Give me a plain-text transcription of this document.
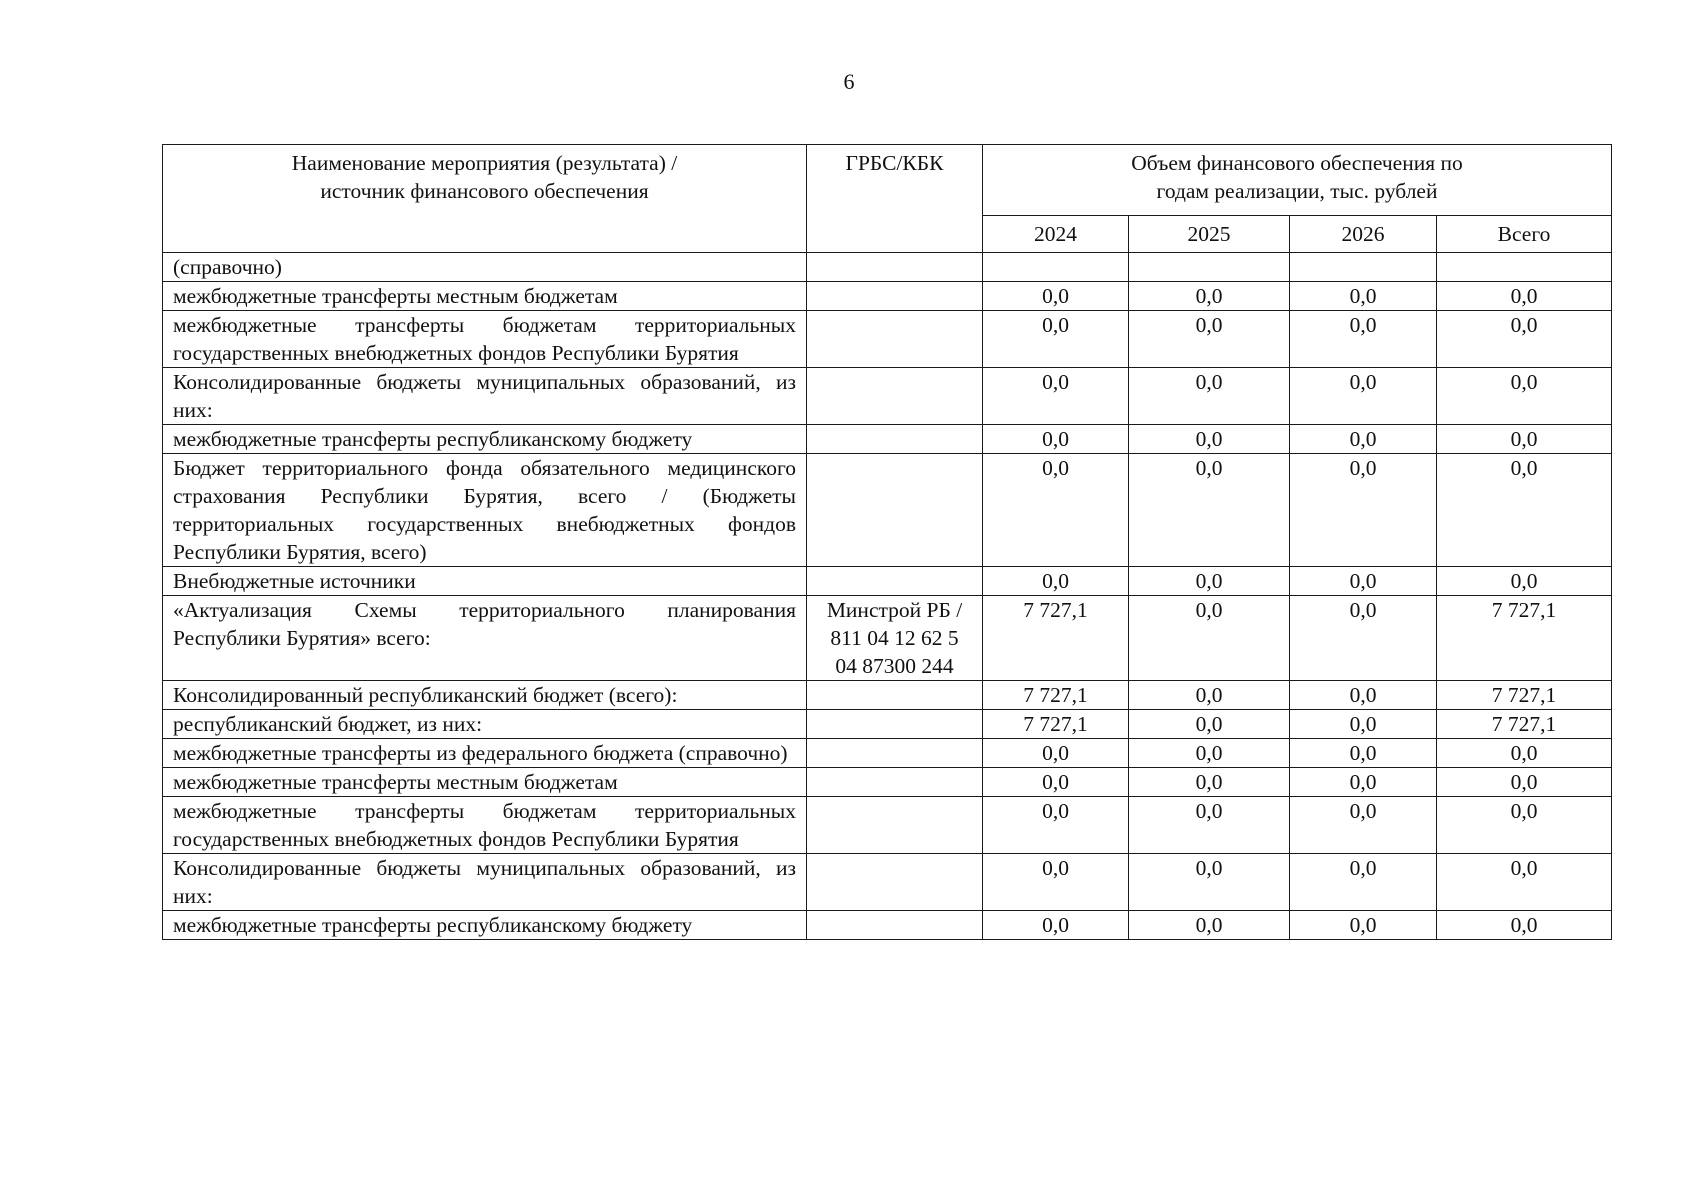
6
Наименование мероприятия (результата) / источник финансового обеспечения	ГРБС/КБК	Объем финансового обеспечения по годам реализации, тыс. рублей			
		2024	2025	2026	Всего
(справочно)					
межбюджетные трансферты местным бюджетам		0,0	0,0	0,0	0,0
межбюджетные трансферты бюджетам территориальных государственных внебюджетных фондов Республики Бурятия		0,0	0,0	0,0	0,0
Консолидированные бюджеты муниципальных образований, из них:		0,0	0,0	0,0	0,0
межбюджетные трансферты республиканскому бюджету		0,0	0,0	0,0	0,0
Бюджет территориального фонда обязательного медицинского страхования Республики Бурятия, всего / (Бюджеты территориальных государственных внебюджетных фондов Республики Бурятия, всего)		0,0	0,0	0,0	0,0
Внебюджетные источники		0,0	0,0	0,0	0,0
«Актуализация Схемы территориального планирования Республики Бурятия» всего:	Минстрой РБ / 811 04 12 62 5 04 87300 244	7 727,1	0,0	0,0	7 727,1
Консолидированный республиканский бюджет (всего):		7 727,1	0,0	0,0	7 727,1
республиканский бюджет, из них:		7 727,1	0,0	0,0	7 727,1
межбюджетные трансферты из федерального бюджета (справочно)		0,0	0,0	0,0	0,0
межбюджетные трансферты местным бюджетам		0,0	0,0	0,0	0,0
межбюджетные трансферты бюджетам территориальных государственных внебюджетных фондов Республики Бурятия		0,0	0,0	0,0	0,0
Консолидированные бюджеты муниципальных образований, из них:		0,0	0,0	0,0	0,0
межбюджетные трансферты республиканскому бюджету		0,0	0,0	0,0	0,0
